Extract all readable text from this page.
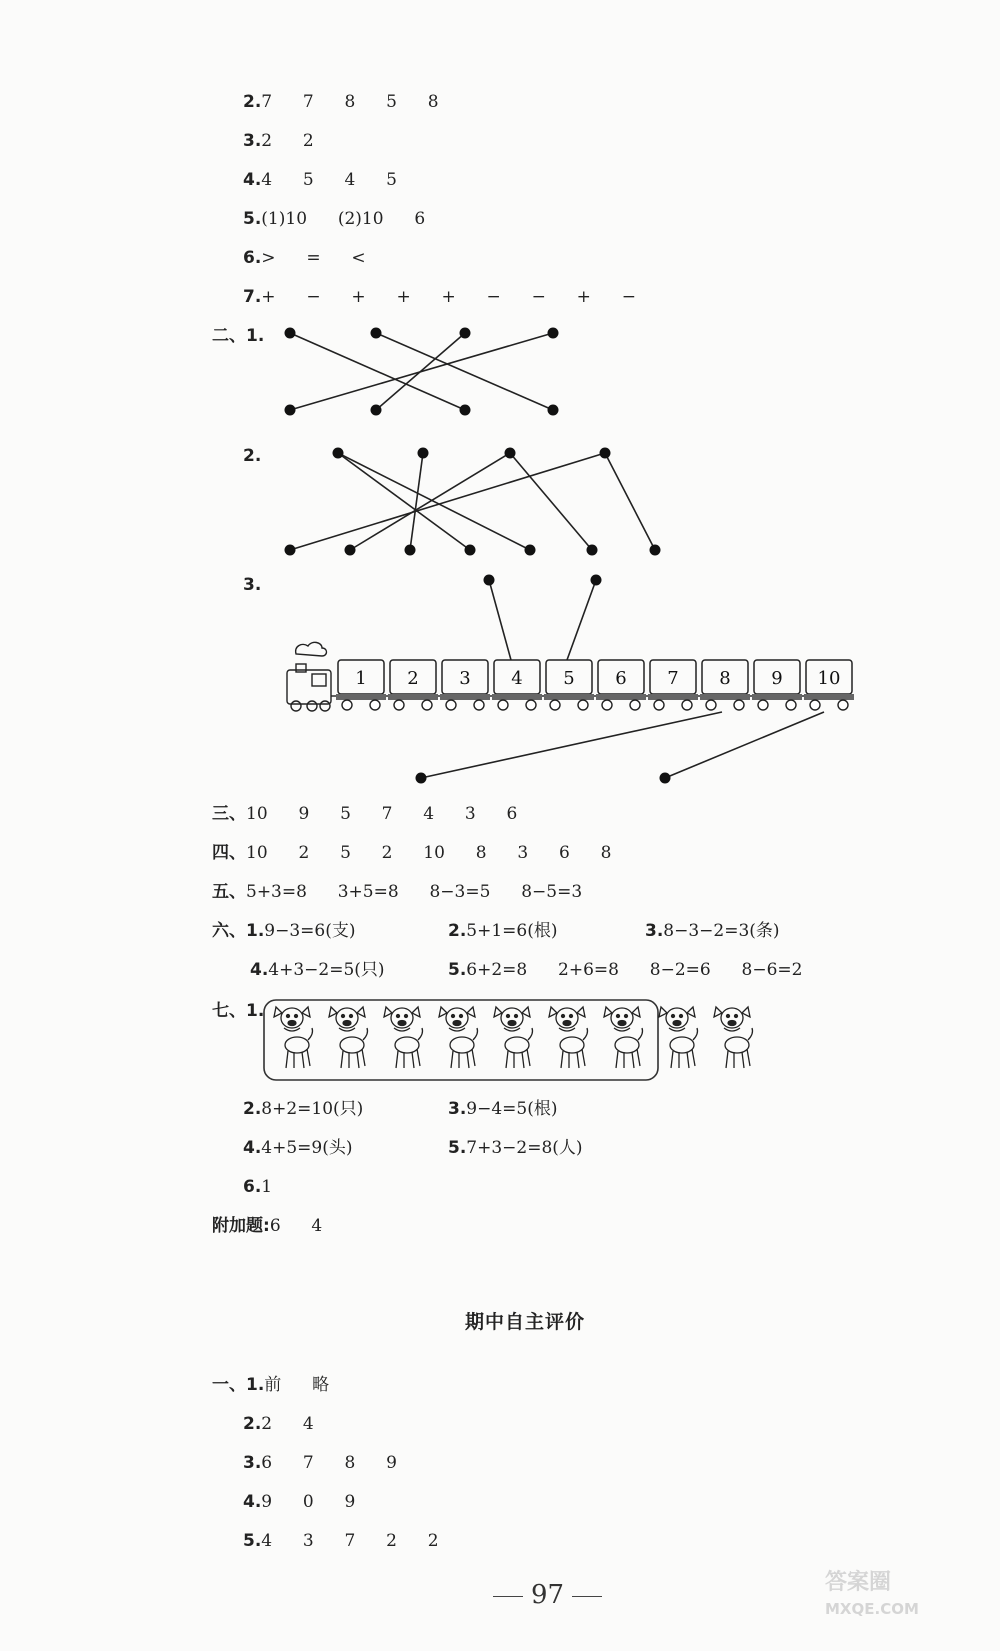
2.7  7  8  5  8
3.2  2
4.4  5  4  5
5.(1)10  (2)10  6
6.>  =  <
7.+  −  +  +  +  −  −  +  −
二、1.
2.
3.
1 2 3 4 5 6 7 8 9 10
三、10  9  5  7  4  3  6
四、10  2  5  2  10  8  3  6  8
五、5+3=8  3+5=8  8−3=5  8−5=3
六、1.9−3=6(支)	2.5+1=6(根)	3.8−3−2=3(条)
4.4+3−2=5(只)	5.6+2=8  2+6=8  8−2=6  8−6=2
七、1.
2.8+2=10(只)	3.9−4=5(根)
4.4+5=9(头)	5.7+3−2=8(人)
6.1
附加题:6  4
期中自主评价
一、1.前  略
2.2  4
3.6  7  8  9
4.9  0  9
5.4  3  7  2  2
97	答案圈
MXQE.COM
